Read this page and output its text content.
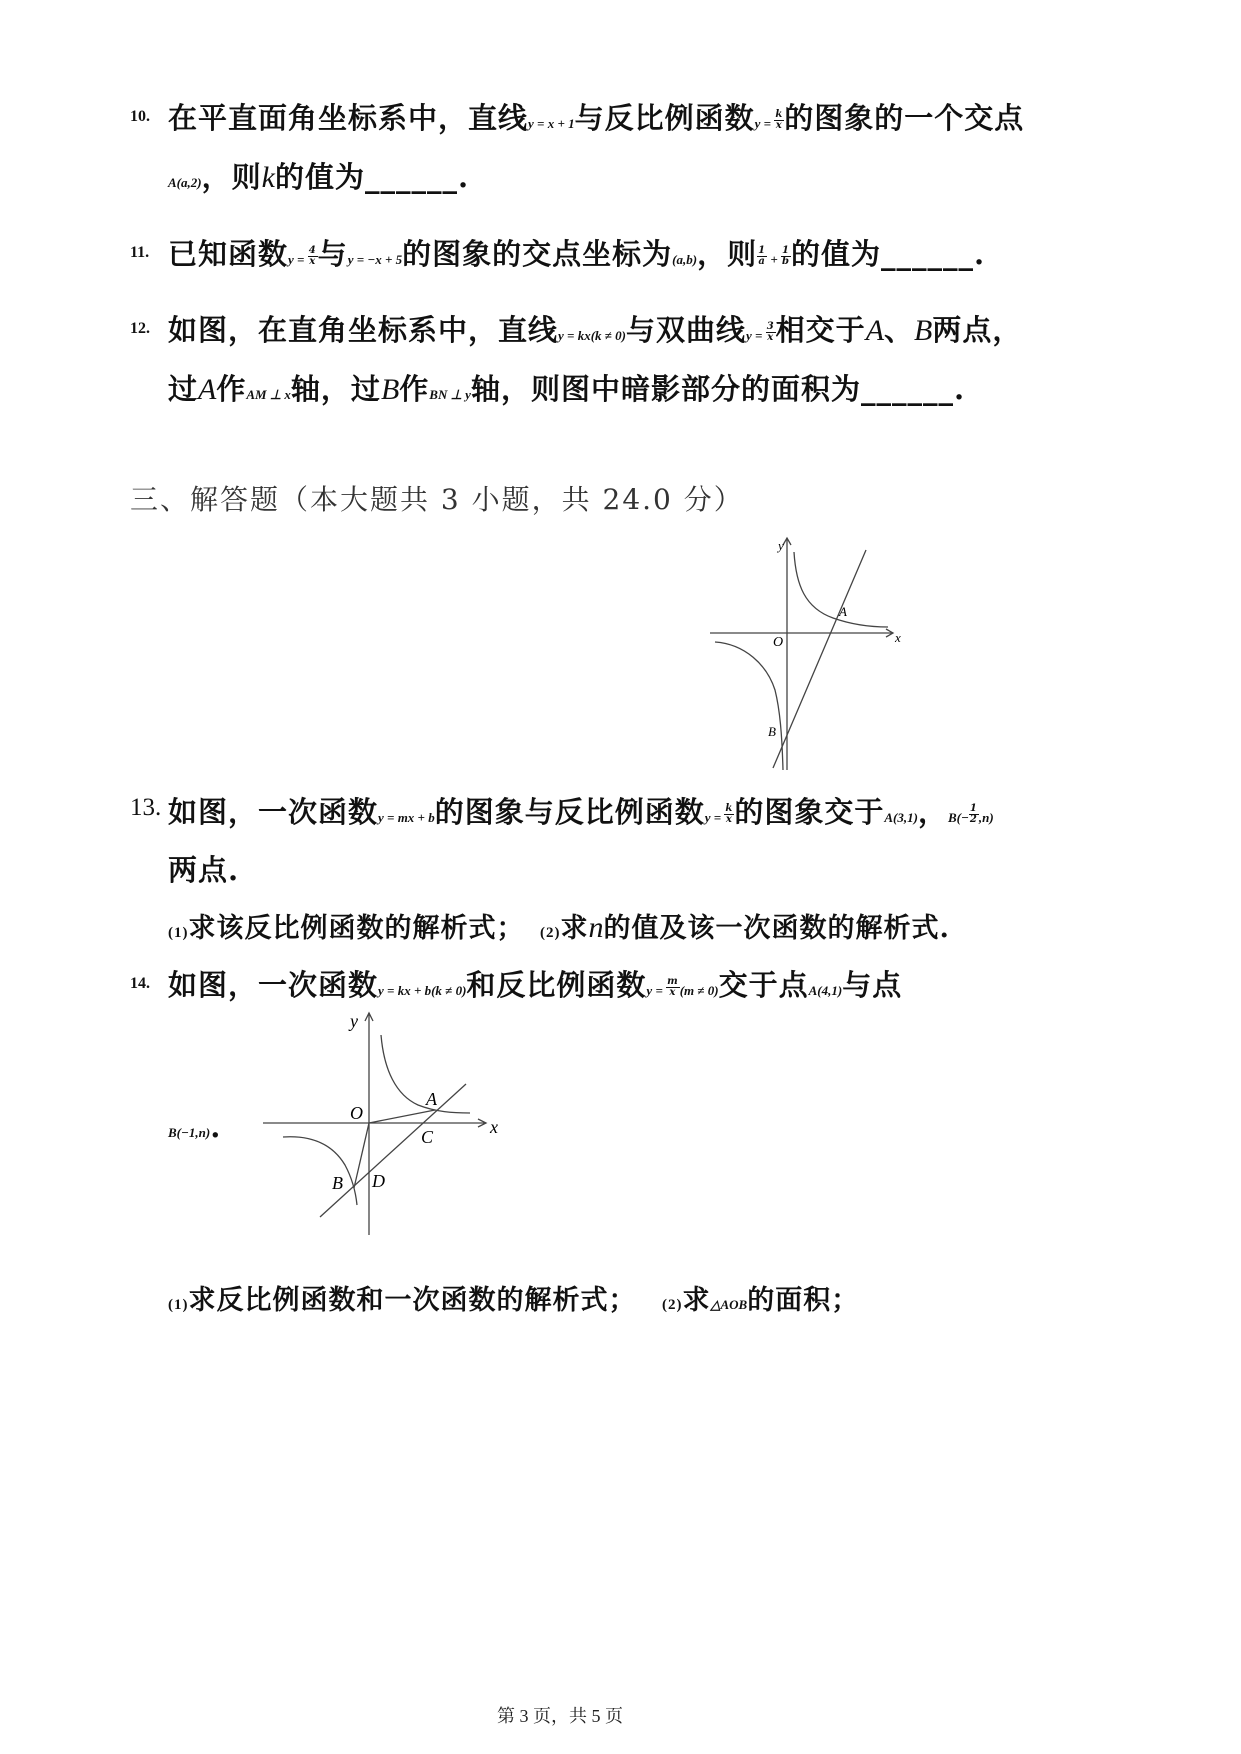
10. 在平直面角坐标系中，直线y = x + 1与反比例函数$y = \frac{k}{x}$ 的图象的一个交点
A(a,2)，则k的值为______.
11. 已知函数$y = \frac{4}{x}$ 与y = −x + 5的图象的交点坐标为(a,b)，则 $\frac{1}{a} + \frac{1}{b}$ 的值为______.
12. 如图，在直角坐标系中，直线y = kx(k ≠ 0)与双曲线$y = \frac{3}{x}$ 相交于A、B两点，
过A作AM ⊥ x轴，过B作BN ⊥ y轴，则图中暗影部分的面积为______.
三、解答题（本大题共 3 小题，共 24.0 分）
y
x
O
A
B
13. 如图，一次函数y = mx + b的图象与反比例函数$y = \frac{k}{x}$ 的图象交于A(3,1)，$B(- \frac{1}{2} ,n)$
两点.
(1)求该反比例函数的解析式； (2)求n的值及该一次函数的解析式.
14. 如图，一次函数y = kx + b(k ≠ 0)和反比例函数$y = \frac{m}{x} (m \ne 0)$交于点A(4,1)与点
B(−1,n).
y
x
O
A
B
C
D
(1)求反比例函数和一次函数的解析式； (2)求△AOB的面积；
第 3 页，共 5 页
